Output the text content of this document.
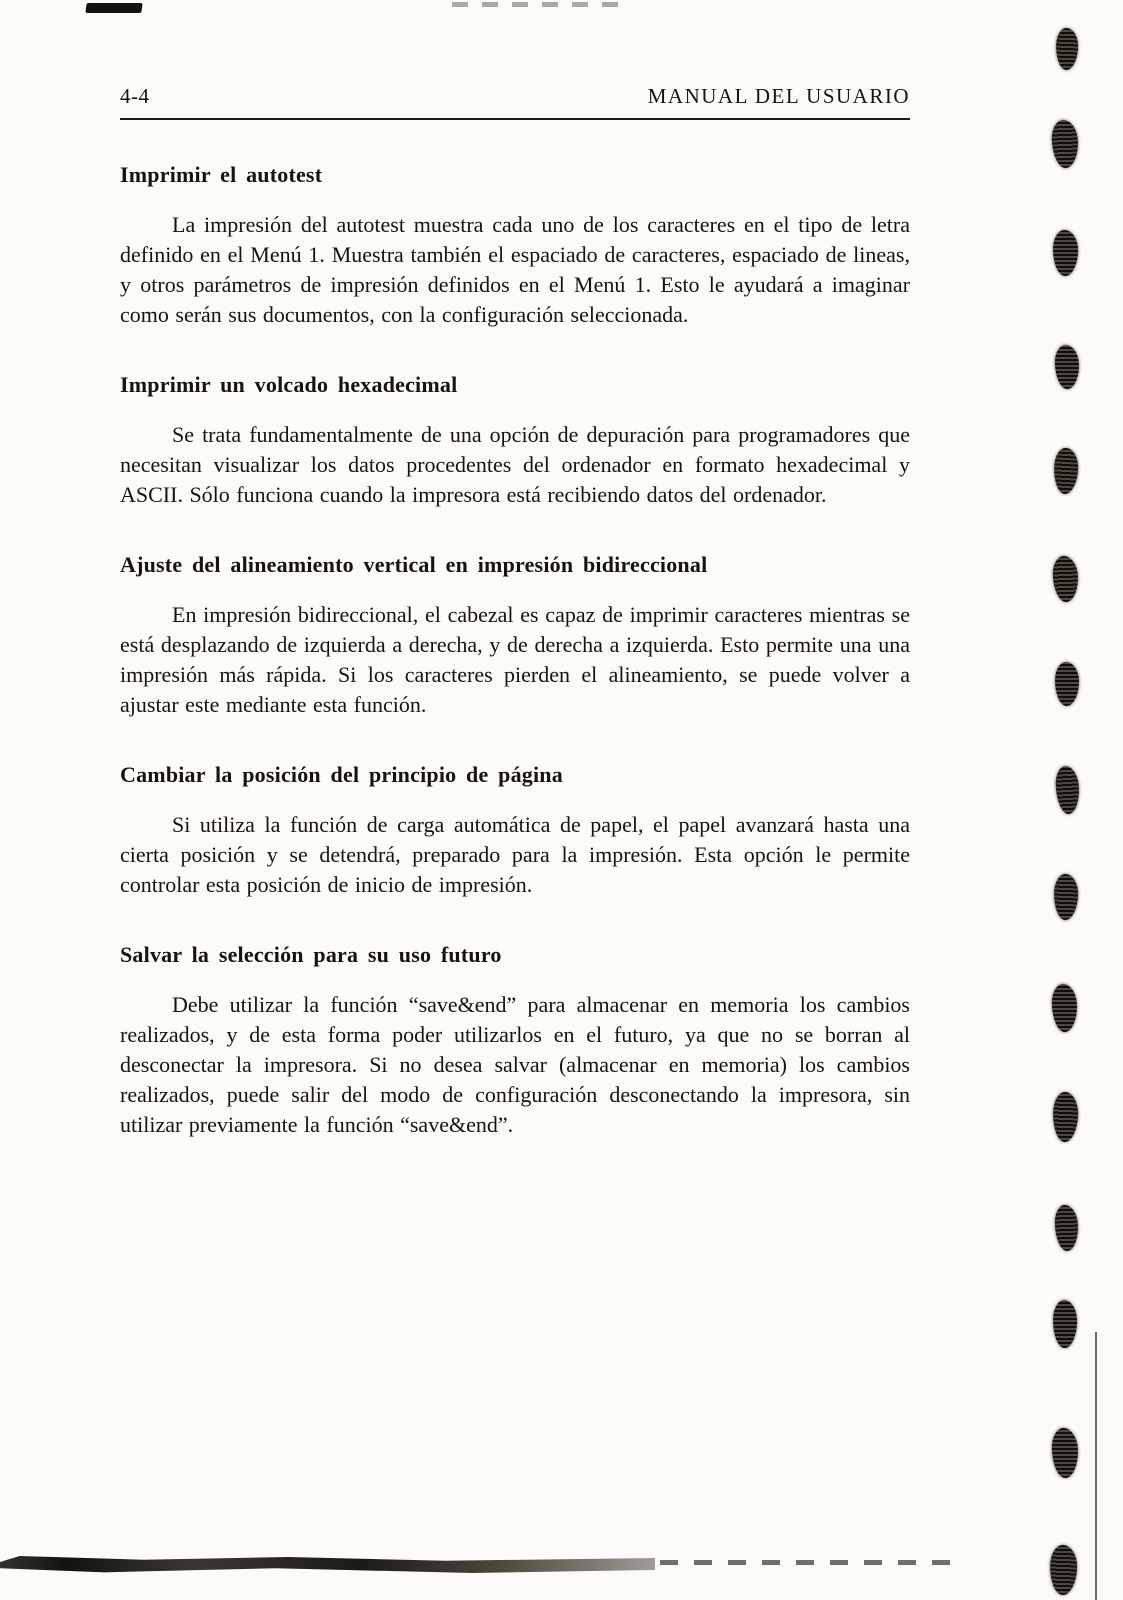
4-4	MANUAL DEL USUARIO
Imprimir el autotest

La impresión del autotest muestra cada uno de los caracteres en el tipo de letra definido en el Menú 1. Muestra también el espaciado de caracteres, espaciado de lineas, y otros parámetros de impresión definidos en el Menú 1. Esto le ayudará a imaginar como serán sus documentos, con la configuración seleccionada.

Imprimir un volcado hexadecimal

Se trata fundamentalmente de una opción de depuración para programadores que necesitan visualizar los datos procedentes del ordenador en formato hexadecimal y ASCII. Sólo funciona cuando la impresora está recibiendo datos del ordenador.

Ajuste del alineamiento vertical en impresión bidireccional

En impresión bidireccional, el cabezal es capaz de imprimir caracteres mientras se está desplazando de izquierda a derecha, y de derecha a izquierda. Esto permite una una impresión más rápida. Si los caracteres pierden el alineamiento, se puede volver a ajustar este mediante esta función.

Cambiar la posición del principio de página

Si utiliza la función de carga automática de papel, el papel avanzará hasta una cierta posición y se detendrá, preparado para la impresión. Esta opción le permite controlar esta posición de inicio de impresión.

Salvar la selección para su uso futuro

Debe utilizar la función “save&end” para almacenar en memoria los cambios realizados, y de esta forma poder utilizarlos en el futuro, ya que no se borran al desconectar la impresora. Si no desea salvar (almacenar en memoria) los cambios realizados, puede salir del modo de configuración desconectando la impresora, sin utilizar previamente la función “save&end”.
